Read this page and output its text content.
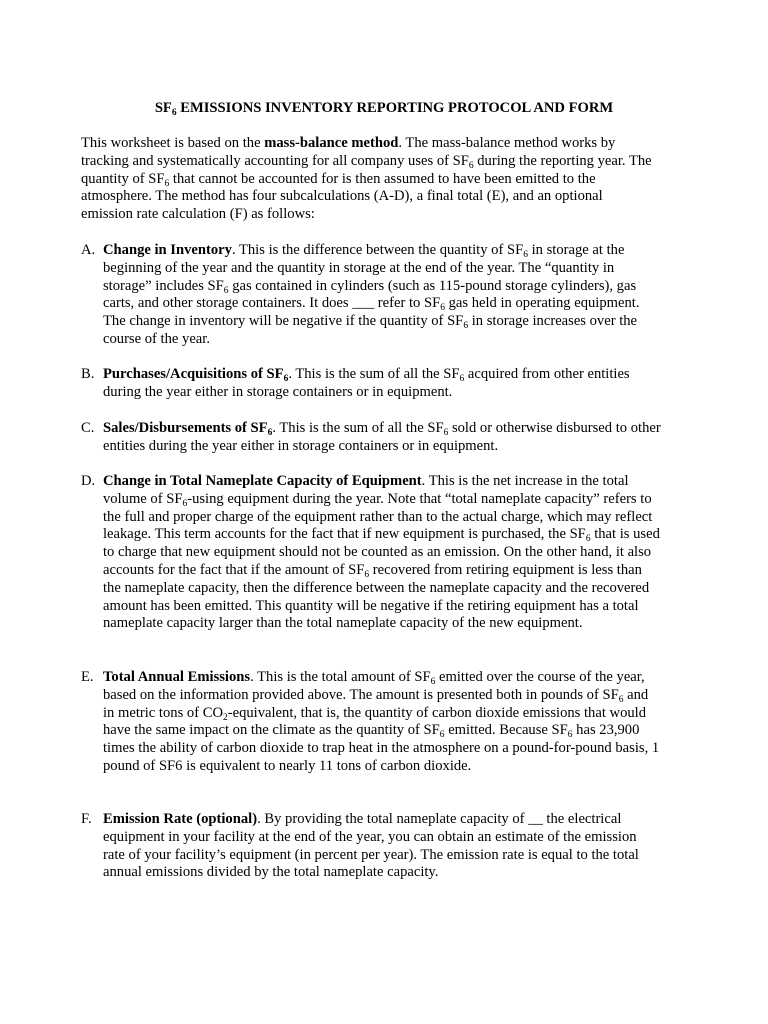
$SF_6$ EMISSIONS INVENTORY REPORTING PROTOCOL AND FORM

This worksheet is based on the mass-balance method. The mass-balance method works by tracking and systematically accounting for all company uses of $SF_6$ during the reporting year. The quantity of $SF_6$ that cannot be accounted for is then assumed to have been emitted to the atmosphere. The method has four subcalculations (A-D), a final total (E), and an optional emission rate calculation (F) as follows:

A. Change in Inventory. This is the difference between the quantity of $SF_6$ in storage at the beginning of the year and the quantity in storage at the end of the year. The “quantity in storage” includes $SF_6$ gas contained in cylinders (such as 115-pound storage cylinders), gas carts, and other storage containers. It does ___ refer to $SF_6$ gas held in operating equipment. The change in inventory will be negative if the quantity of $SF_6$ in storage increases over the course of the year.
B. Purchases/Acquisitions of $SF_6$. This is the sum of all the $SF_6$ acquired from other entities during the year either in storage containers or in equipment.
C. Sales/Disbursements of $SF_6$. This is the sum of all the $SF_6$ sold or otherwise disbursed to other entities during the year either in storage containers or in equipment.
D. Change in Total Nameplate Capacity of Equipment. This is the net increase in the total volume of $SF_6$-using equipment during the year. Note that “total nameplate capacity” refers to the full and proper charge of the equipment rather than to the actual charge, which may reflect leakage. This term accounts for the fact that if new equipment is purchased, the $SF_6$ that is used to charge that new equipment should not be counted as an emission. On the other hand, it also accounts for the fact that if the amount of $SF_6$ recovered from retiring equipment is less than the nameplate capacity, then the difference between the nameplate capacity and the recovered amount has been emitted. This quantity will be negative if the retiring equipment has a total nameplate capacity larger than the total nameplate capacity of the new equipment.
E. Total Annual Emissions. This is the total amount of $SF_6$ emitted over the course of the year, based on the information provided above. The amount is presented both in pounds of $SF_6$ and in metric tons of $CO_2$-equivalent, that is, the quantity of carbon dioxide emissions that would have the same impact on the climate as the quantity of $SF_6$ emitted. Because $SF_6$ has 23,900 times the ability of carbon dioxide to trap heat in the atmosphere on a pound-for-pound basis, 1 pound of SF6 is equivalent to nearly 11 tons of carbon dioxide.
F. Emission Rate (optional). By providing the total nameplate capacity of __ the electrical equipment in your facility at the end of the year, you can obtain an estimate of the emission rate of your facility’s equipment (in percent per year). The emission rate is equal to the total annual emissions divided by the total nameplate capacity.
